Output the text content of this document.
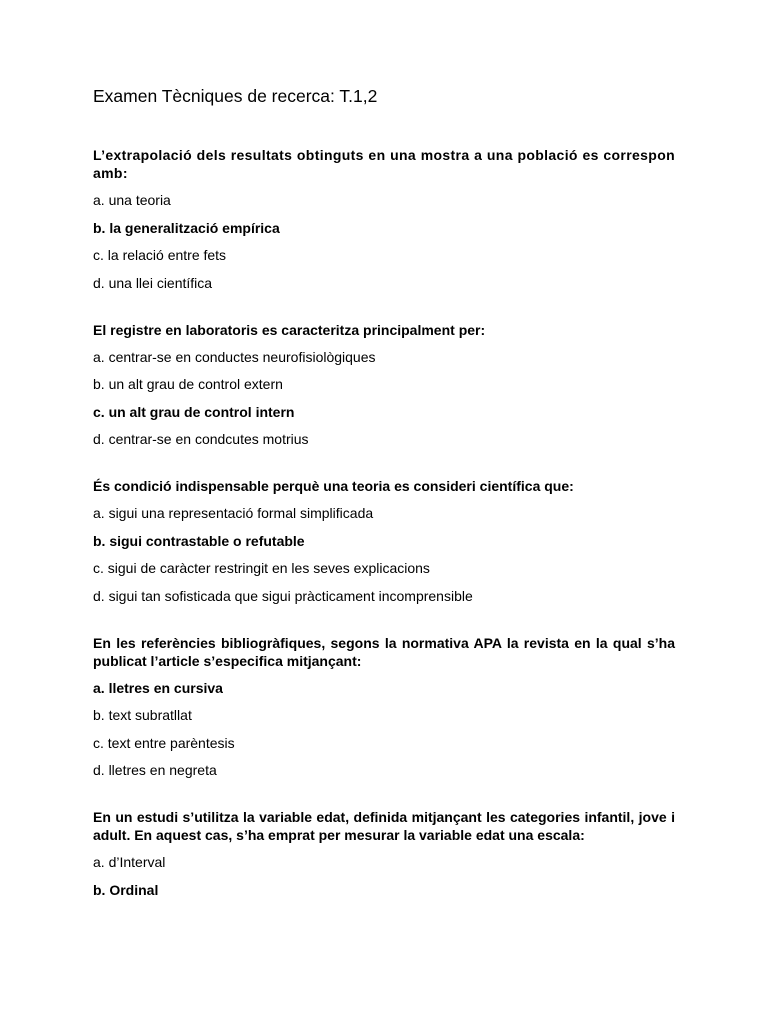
Examen Tècniques de recerca: T.1,2

L’extrapolació dels resultats obtinguts en una mostra a una població es correspon amb:

a. una teoria

b. la generalització empírica

c. la relació entre fets

d. una llei científica

El registre en laboratoris es caracteritza principalment per:

a. centrar-se en conductes neurofisiològiques

b. un alt grau de control extern

c. un alt grau de control intern

d. centrar-se en condcutes motrius

És condició indispensable perquè una teoria es consideri científica que:

a. sigui una representació formal simplificada

b. sigui contrastable o refutable

c. sigui de caràcter restringit en les seves explicacions

d. sigui tan sofisticada que sigui pràcticament incomprensible

En les referències bibliogràfiques, segons la normativa APA la revista en la qual s’ha publicat l’article s’especifica mitjançant:

a. lletres en cursiva

b. text subratllat

c. text entre parèntesis

d. lletres en negreta

En un estudi s’utilitza la variable edat, definida mitjançant les categories infantil, jove i adult. En aquest cas, s’ha emprat per mesurar la variable edat una escala:

a. d’Interval

b. Ordinal
